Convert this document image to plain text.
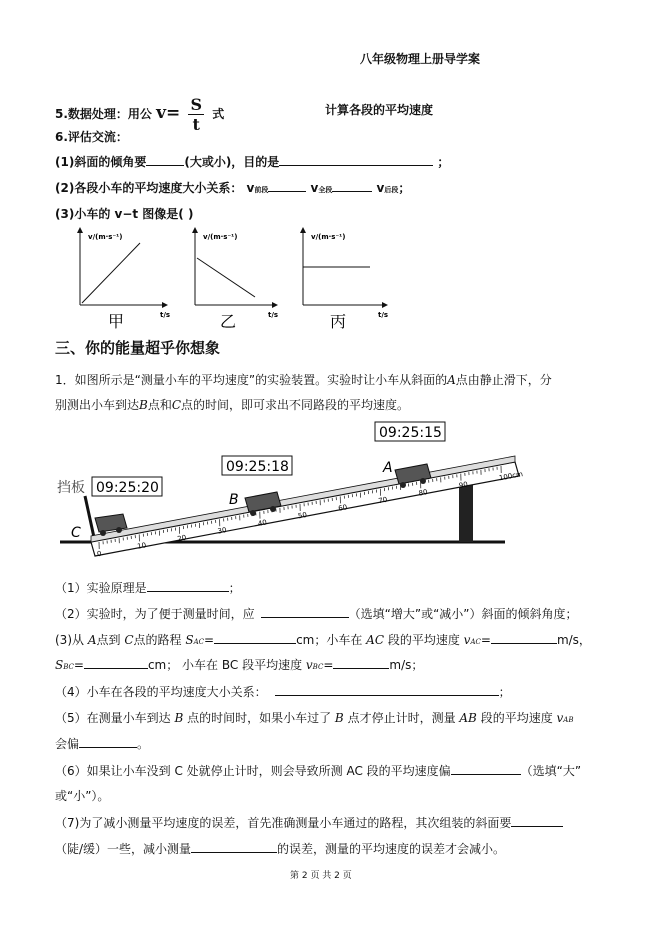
八年级物理上册导学案
5.数据处理：用公 $v= \frac{S}{t}$ 式	计算各段的平均速度
6.评估交流：
(1)斜面的倾角要	(大或小)，目的是	；
(2)各段小车的平均速度大小关系： v前段	v全段	v后段；
(3)小车的 v−t 图像是( )
v/(m·s⁻¹)
t/s
甲
v/(m·s⁻¹)
t/s
乙
v/(m·s⁻¹)
t/s
丙
三、你的能量超乎你想象
1．如图所示是“测量小车的平均速度”的实验装置。实验时让小车从斜面的A点由静止滑下，分
别测出小车到达B点和C点的时间，即可求出不同路段的平均速度。
0
10
20
30
40
50
60
70
80
90
100cm
A
B
C
挡板
09:25:15
09:25:18
09:25:20
（1）实验原理是	；
（2）实验时，为了便于测量时间，应	（选填“增大”或“减小”）斜面的倾斜角度；
(3)从 A点到 C点的路程 SAC=	cm；小车在 AC 段的平均速度 vAC=	m/s，
SBC=	cm； 小车在 BC 段平均速度 vBC=	m/s；
（4）小车在各段的平均速度大小关系：	；
（5）在测量小车到达 B 点的时间时，如果小车过了 B 点才停止计时，测量 AB 段的平均速度 vAB
会偏	。
（6）如果让小车没到 C 处就停止计时，则会导致所测 AC 段的平均速度偏	（选填“大”
或“小”）。
（7)为了减小测量平均速度的误差，首先准确测量小车通过的路程，其次组装的斜面要
（陡/缓）一些，减小测量	的误差，测量的平均速度的误差才会减小。
第 2 页 共 2 页
